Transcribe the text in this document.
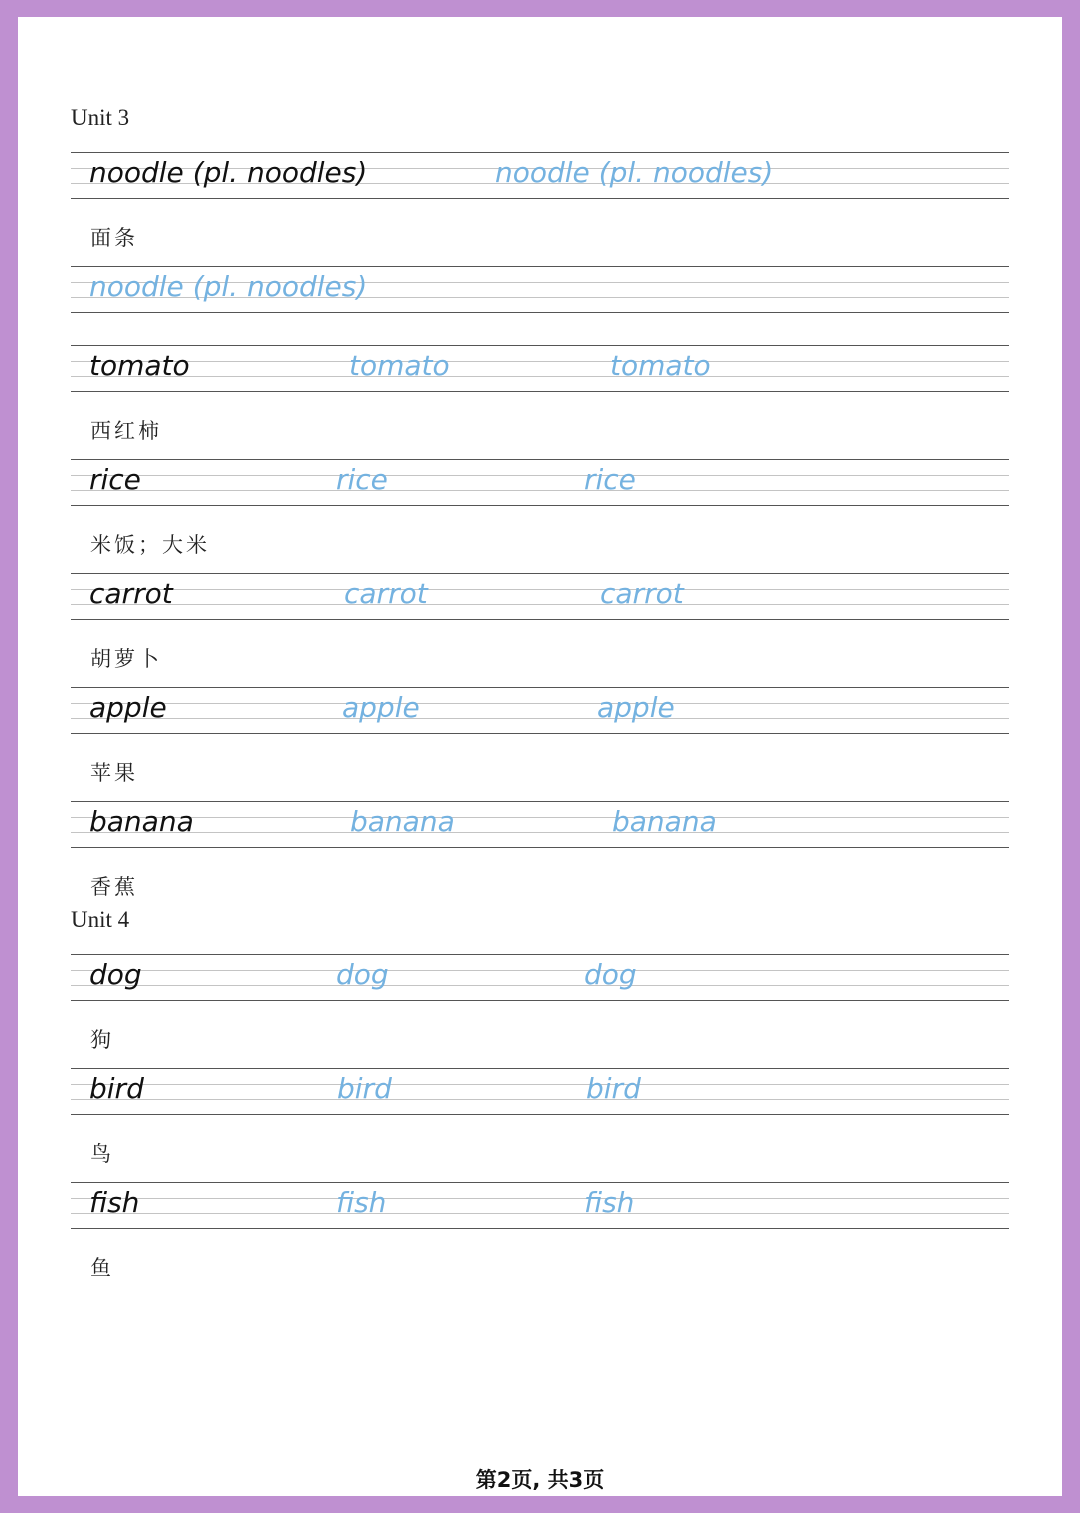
Unit 3
noodle (pl. noodles)	noodle (pl. noodles)
面条
noodle (pl. noodles)
tomato	tomato	tomato
西红柿
rice	rice	rice
米饭；大米
carrot	carrot	carrot
胡萝卜
apple	apple	apple
苹果
banana	banana	banana
香蕉
Unit 4
dog	dog	dog
狗
bird	bird	bird
鸟
fish	fish	fish
鱼
第2页, 共3页
